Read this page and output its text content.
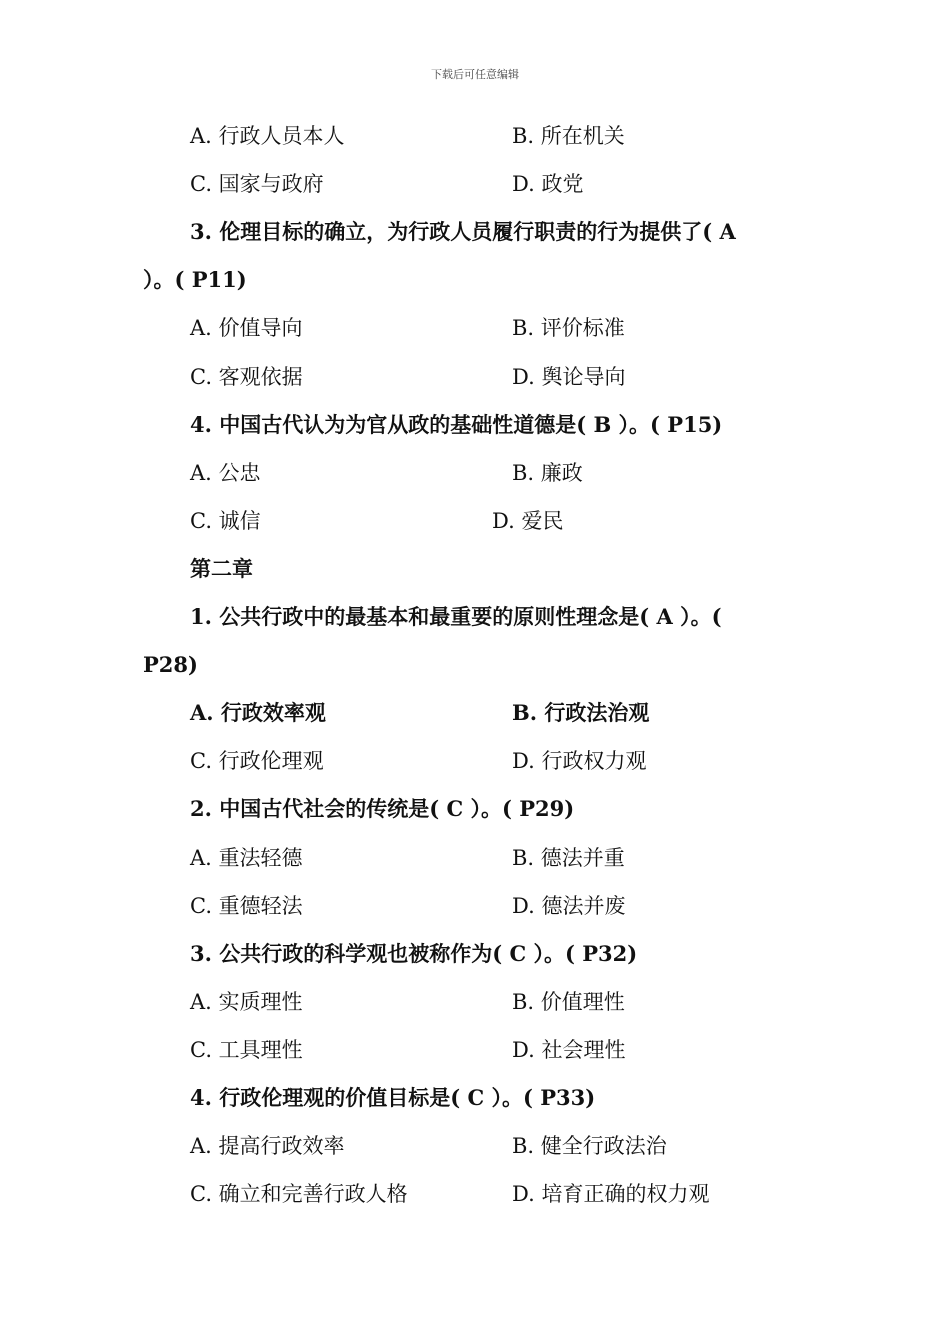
下载后可任意编辑
A. 行政人员本人	B. 所在机关
C. 国家与政府	D. 政党
3. 伦理目标的确立，为行政人员履行职责的行为提供了( A
）。( P11)
A. 价值导向	B. 评价标准
C. 客观依据	D. 舆论导向
4. 中国古代认为为官从政的基础性道德是( B ）。( P15)
A. 公忠	B. 廉政
C. 诚信	D. 爱民
第二章
1. 公共行政中的最基本和最重要的原则性理念是( A ）。(
P28)
A. 行政效率观	B. 行政法治观
C. 行政伦理观	D. 行政权力观
2. 中国古代社会的传统是( C ）。( P29)
A. 重法轻德	B. 德法并重
C. 重德轻法	D. 德法并废
3. 公共行政的科学观也被称作为( C ）。( P32)
A. 实质理性	B. 价值理性
C. 工具理性	D. 社会理性
4. 行政伦理观的价值目标是( C ）。( P33)
A. 提高行政效率	B. 健全行政法治
C. 确立和完善行政人格	D. 培育正确的权力观
